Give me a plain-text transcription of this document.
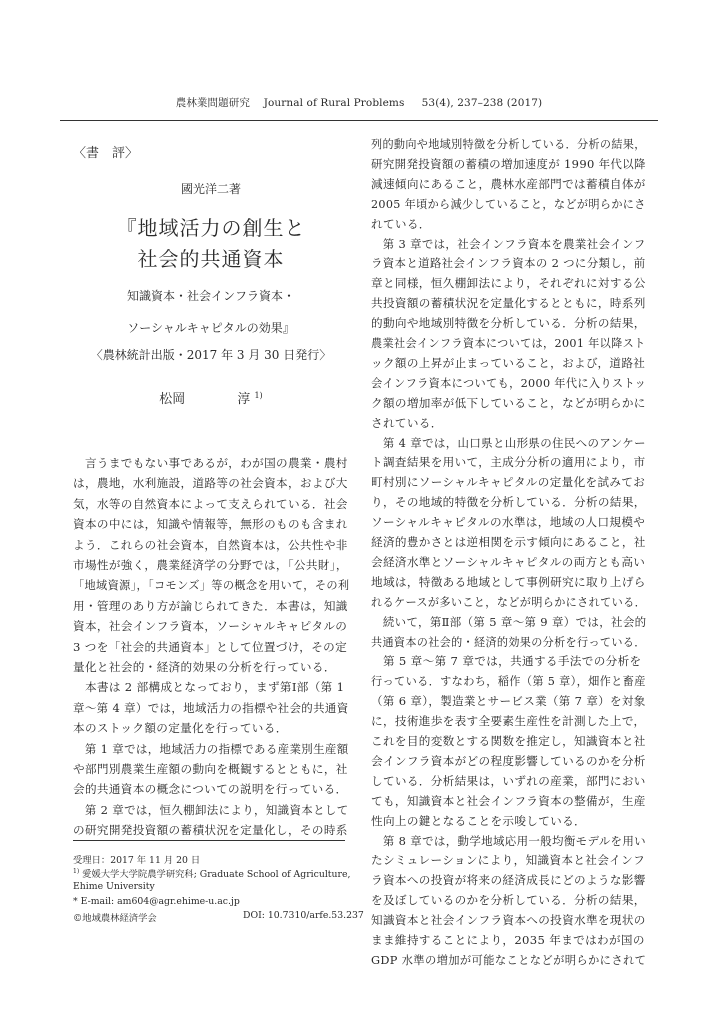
農林業問題研究 Journal of Rural Problems 53(4), 237–238 (2017)
〈書　評〉
國光洋二著
『地域活力の創生と
社会的共通資本
知識資本・社会インフラ資本・
ソーシャルキャピタルの効果』
〈農林統計出版・2017 年 3 月 30 日発行〉
松岡	淳 $^{1)}$
　言うまでもない事であるが，わが国の農業・農村
は，農地，水利施設，道路等の社会資本，および大
気，水等の自然資本によって支えられている．社会
資本の中には，知識や情報等，無形のものも含まれ
よう．これらの社会資本，自然資本は，公共性や非
市場性が強く，農業経済学の分野では，「公共財」，
「地域資源」，「コモンズ」等の概念を用いて，その利
用・管理のあり方が論じられてきた．本書は，知識
資本，社会インフラ資本，ソーシャルキャピタルの
3 つを「社会的共通資本」として位置づけ，その定
量化と社会的・経済的効果の分析を行っている．
　本書は 2 部構成となっており，まず第Ⅰ部（第 1
章～第 4 章）では，地域活力の指標や社会的共通資
本のストック額の定量化を行っている．
　第 1 章では，地域活力の指標である産業別生産額
や部門別農業生産額の動向を概観するとともに，社
会的共通資本の概念についての説明を行っている．
　第 2 章では，恒久棚卸法により，知識資本として
の研究開発投資額の蓄積状況を定量化し，その時系
列的動向や地域別特徴を分析している．分析の結果，
研究開発投資額の蓄積の増加速度が 1990 年代以降
減速傾向にあること，農林水産部門では蓄積自体が
2005 年頃から減少していること，などが明らかにさ
れている．
　第 3 章では，社会インフラ資本を農業社会インフ
ラ資本と道路社会インフラ資本の 2 つに分類し，前
章と同様，恒久棚卸法により，それぞれに対する公
共投資額の蓄積状況を定量化するとともに，時系列
的動向や地域別特徴を分析している．分析の結果，
農業社会インフラ資本については，2001 年以降スト
ック額の上昇が止まっていること，および，道路社
会インフラ資本についても，2000 年代に入りストッ
ク額の増加率が低下していること，などが明らかに
されている．
　第 4 章では，山口県と山形県の住民へのアンケー
ト調査結果を用いて，主成分分析の適用により，市
町村別にソーシャルキャピタルの定量化を試みてお
り，その地域的特徴を分析している．分析の結果，
ソーシャルキャピタルの水準は，地域の人口規模や
経済的豊かさとは逆相関を示す傾向にあること，社
会経済水準とソーシャルキャピタルの両方とも高い
地域は，特徴ある地域として事例研究に取り上げら
れるケースが多いこと，などが明らかにされている．
　続いて，第Ⅱ部（第 5 章～第 9 章）では，社会的
共通資本の社会的・経済的効果の分析を行っている．
　第 5 章～第 7 章では，共通する手法での分析を
行っている．すなわち，稲作（第 5 章），畑作と畜産
（第 6 章），製造業とサービス業（第 7 章）を対象
に，技術進歩を表す全要素生産性を計測した上で，
これを目的変数とする関数を推定し，知識資本と社
会インフラ資本がどの程度影響しているのかを分析
している．分析結果は，いずれの産業，部門におい
ても，知識資本と社会インフラ資本の整備が，生産
性向上の鍵となることを示唆している．
　第 8 章では，動学地域応用一般均衡モデルを用い
たシミュレーションにより，知識資本と社会インフ
ラ資本への投資が将来の経済成長にどのような影響
を及ぼしているのかを分析している．分析の結果，
知識資本と社会インフラ資本への投資水準を現状の
まま維持することにより，2035 年まではわが国の
GDP 水準の増加が可能なことなどが明らかにされて
受理日：2017 年 11 月 20 日
$^{1)}$ 愛媛大学大学院農学研究科; Graduate School of Agriculture,
Ehime University
* E-mail: am604@agr.ehime-u.ac.jp
©地域農林経済学会	DOI: 10.7310/arfe.53.237
